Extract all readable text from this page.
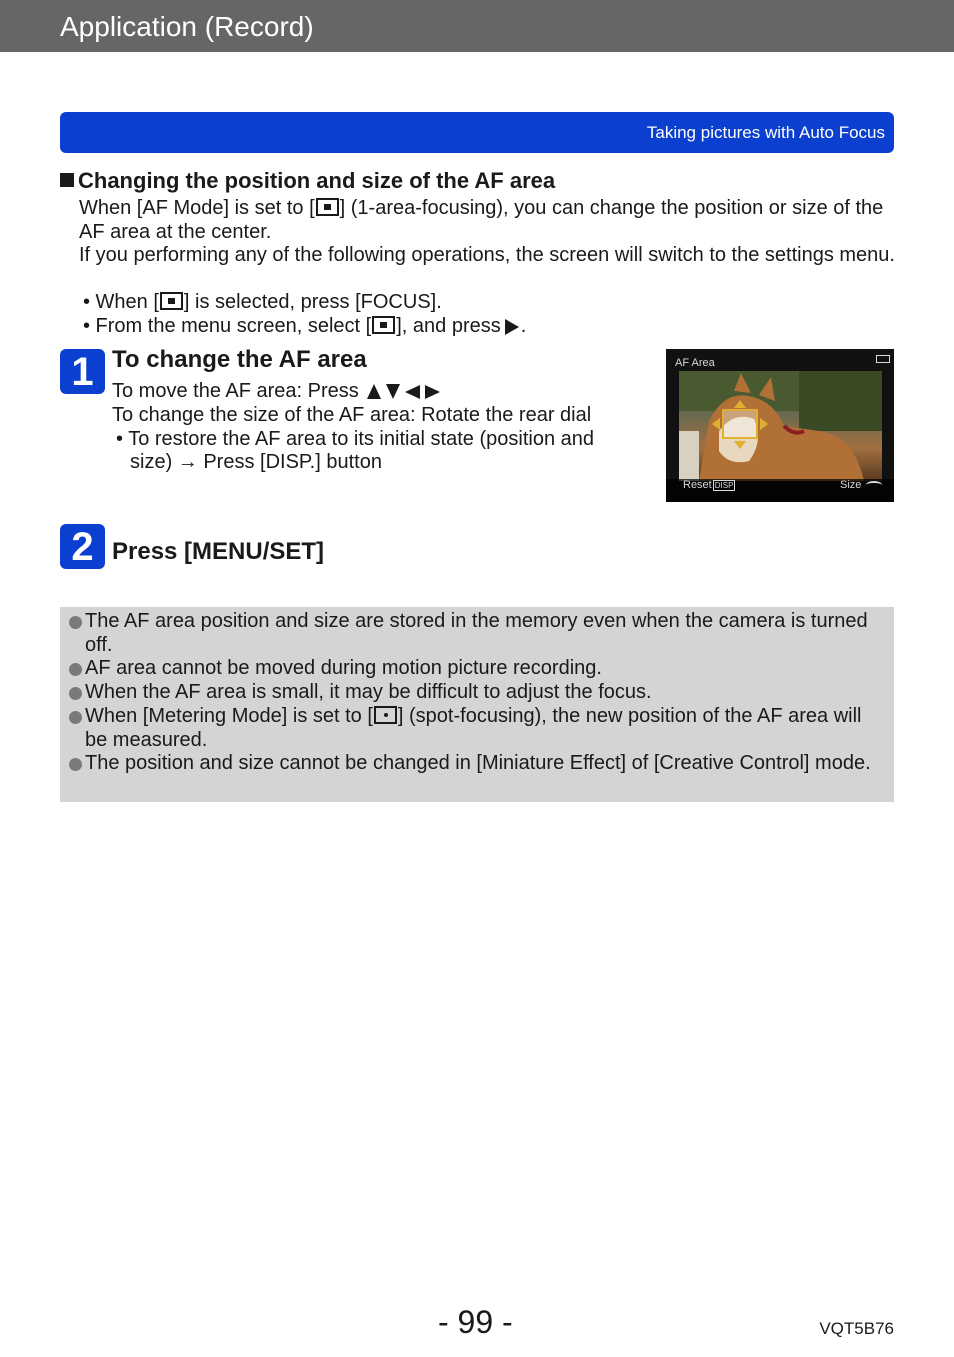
Application (Record)
Taking pictures with Auto Focus
Changing the position and size of the AF area
When [AF Mode] is set to [ ] (1-area-focusing), you can change the position or size of the AF area at the center.
If you performing any of the following operations, the screen will switch to the settings menu.
• When [ ] is selected, press [FOCUS].
• From the menu screen, select [ ], and press .
1 To change the AF area
To move the AF area: Press
To change the size of the AF area: Rotate the rear dial
• To restore the AF area to its initial state (position and
size) → Press [DISP.] button
AF Area
Reset DISP	Size
2 Press [MENU/SET]
The AF area position and size are stored in the memory even when the camera is turned off.
AF area cannot be moved during motion picture recording.
When the AF area is small, it may be difficult to adjust the focus.
When [Metering Mode] is set to [ ] (spot-focusing), the new position of the AF area will be measured.
The position and size cannot be changed in [Miniature Effect] of [Creative Control] mode.
- 99 -	VQT5B76
